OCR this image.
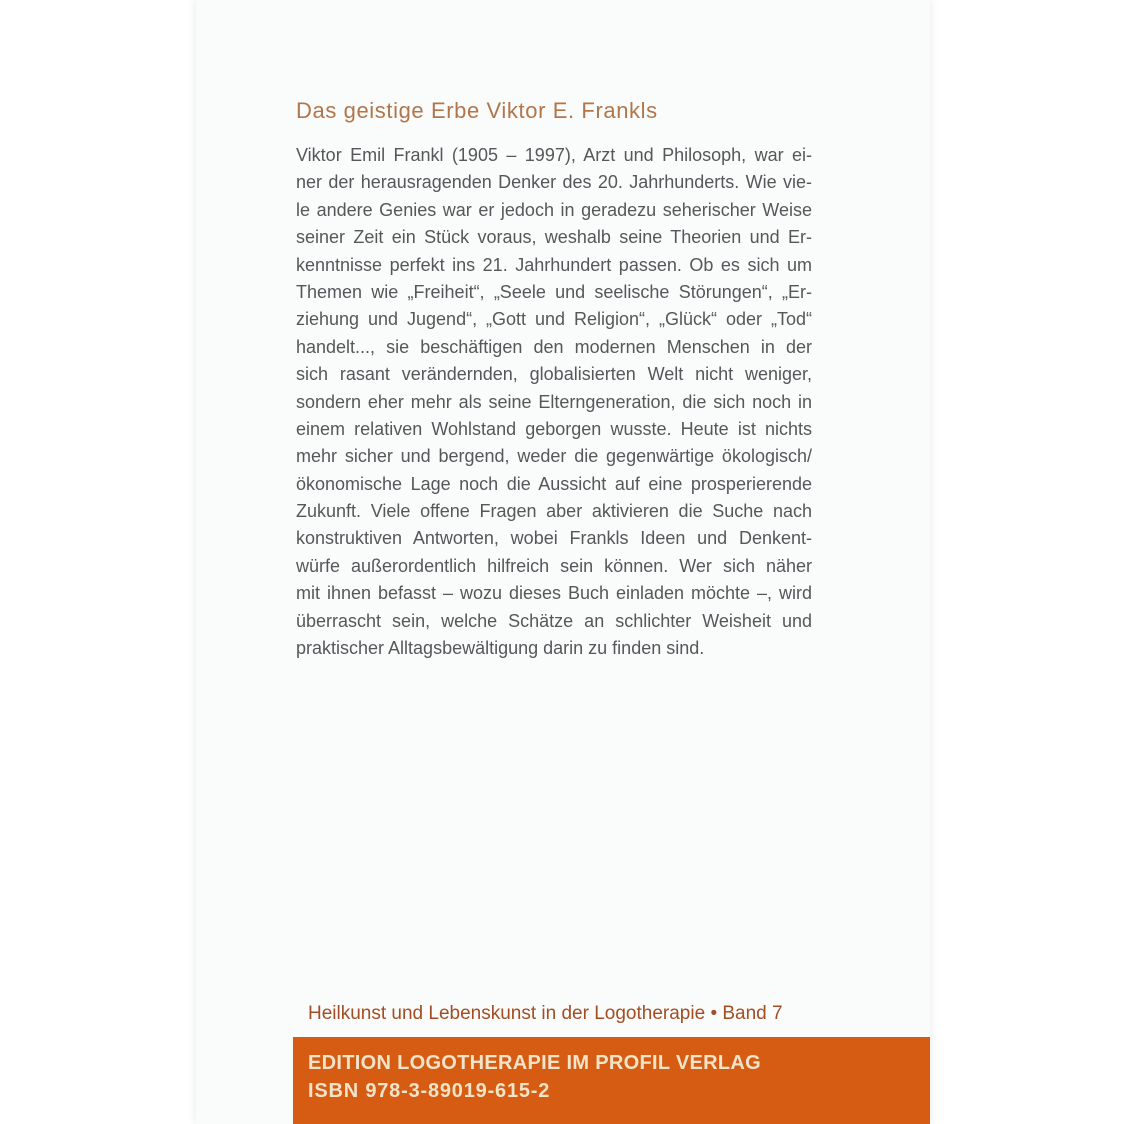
Das geistige Erbe Viktor E. Frankls
Viktor Emil Frankl (1905 – 1997), Arzt und Philosoph, war ei-
ner der herausragenden Denker des 20. Jahrhunderts. Wie vie-
le andere Genies war er jedoch in geradezu seherischer Weise
seiner Zeit ein Stück voraus, weshalb seine Theorien und Er-
kenntnisse perfekt ins 21. Jahrhundert passen. Ob es sich um
Themen wie „Freiheit“, „Seele und seelische Störungen“, „Er-
ziehung und Jugend“, „Gott und Religion“, „Glück“ oder „Tod“
handelt..., sie beschäftigen den modernen Menschen in der
sich rasant verändernden, globalisierten Welt nicht weniger,
sondern eher mehr als seine Elterngeneration, die sich noch in
einem relativen Wohlstand geborgen wusste. Heute ist nichts
mehr sicher und bergend, weder die gegenwärtige ökologisch/
ökonomische Lage noch die Aussicht auf eine prosperierende
Zukunft. Viele offene Fragen aber aktivieren die Suche nach
konstruktiven Antworten, wobei Frankls Ideen und Denkent-
würfe außerordentlich hilfreich sein können. Wer sich näher
mit ihnen befasst – wozu dieses Buch einladen möchte –, wird
überrascht sein, welche Schätze an schlichter Weisheit und
praktischer Alltagsbewältigung darin zu finden sind.
Heilkunst und Lebenskunst in der Logotherapie • Band 7
EDITION LOGOTHERAPIE IM PROFIL VERLAG
ISBN 978-3-89019-615-2
